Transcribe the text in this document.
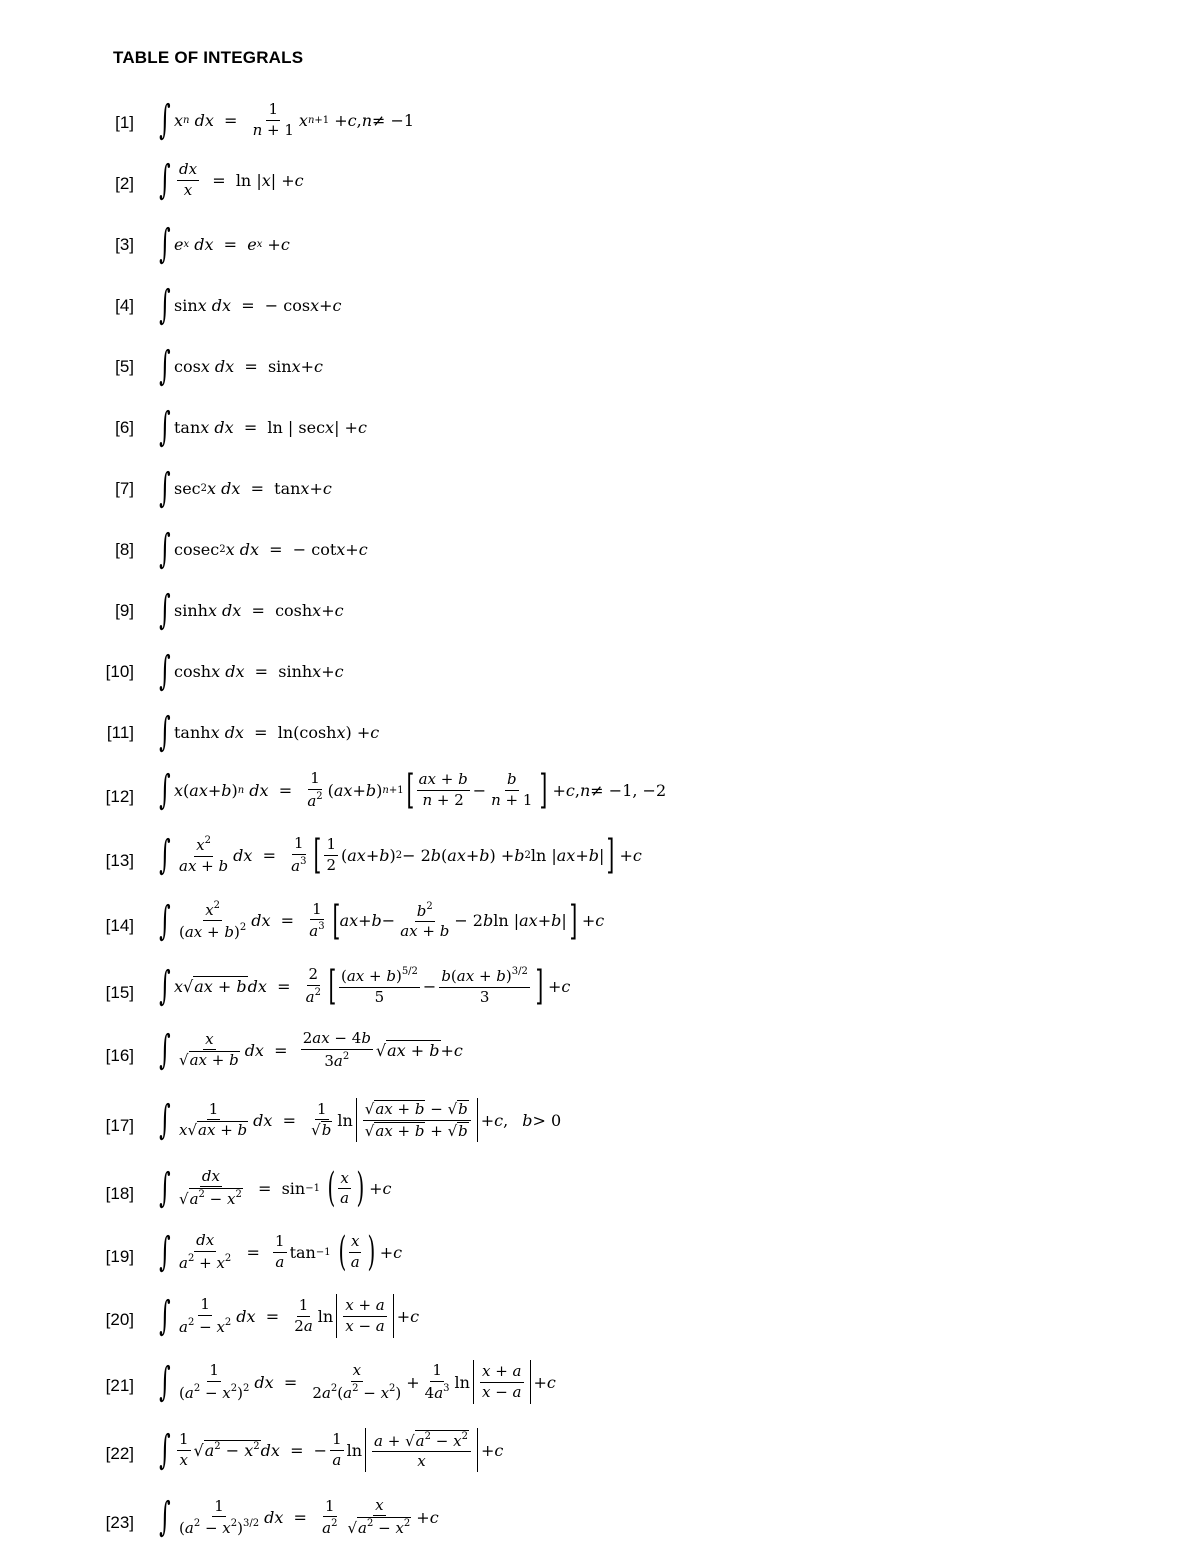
TABLE OF INTEGRALS
[1] ∫ x n
dx = $\frac{1}{n + 1}$ x n+1 + c , n ≠ −1
[2] ∫ $\frac{dx}{x} = \ln$ | x | + c
[3] ∫ e x
dx = e x + c
[4] ∫ sin x dx =  − cos x + c
[5] ∫ cos x dx =  sin x + c
[6] ∫ tan x dx =  ln | sec x | + c
[7] ∫ sec 2 x dx =  tan x + c
[8] ∫ cosec 2 x dx =  − cot x + c
[9] ∫ sinh x dx =  cosh x + c
[10] ∫ cosh x dx =  sinh x + c
[11] ∫ tanh x dx =  ln(cosh x ) + c
[12] ∫ x ( ax + b ) n
dx = $\frac{1}{a^2}$ ( ax + b ) n+1 [ $\frac{ax + b}{n + 2} - \frac{b}{n + 1}$ ] + c , n ≠ −1, −2
[13] ∫ $\frac{x^2}{ax + b}$ dx = $\frac{1}{a^3}$ [ $\frac{1}{2}$ ( ax + b ) 2 − 2 b ( ax + b ) + b 2 ln | ax + b | ] + c
[14] ∫ $\frac{x^2}{(ax + b)^2}$ dx = $\frac{1}{a^3}$ [ ax + $b - \frac{b^2}{ax + b} - 2$ b ln | ax + b | ] + c
[15] ∫ x √ ax + b dx = $\frac{2}{a^2}$ [ $\frac{(ax + b)^{5/2}}{5} - \frac{b(ax + b)^{3/2}}{3}$ ] + c
[16] ∫ $\frac{x}{√ ax + b}$ dx = $\frac{2ax - 4b}{3a^2}$ √ ax + b + c
[17] ∫ $\frac{1}{x√ ax + b}$ dx = $\frac{1}{√ b}$ $\ln \frac{√ ax + b - √ b}{√ ax + b + √ b} + c$ , b > 0
[18] ∫ $\frac{dx}{√ a^2 - x^2} = \sin -1$
( $\frac{x}{a}$ ) + c
[19] ∫ $\frac{dx}{a^2 + x^2} = \frac{1}{a}$ tan −1
( $\frac{x}{a}$ ) + c
[20] ∫ $\frac{1}{a^2 - x^2}$ dx = $\frac{1}{2a}$ $\ln \frac{x + a}{x - a} + c$
[21] ∫ $\frac{1}{(a^2 - x^2)^2}$ dx = $\frac{x}{2a^2(a^2 - x^2)} + \frac{1}{4a^3}$ $\ln \frac{x + a}{x - a} + c$
[22] ∫ $\frac{1}{x}$ √ $a^2 - x^2$ dx =  − $\frac{1}{a}$ $\ln \frac{a + √ a^2 - x^2}{x} + c$
[23] ∫ $\frac{1}{(a^2 - x^2)^{3/2}}$ dx = $\frac{1}{a^2} \frac{x}{√ a^2 - x^2} + c$
